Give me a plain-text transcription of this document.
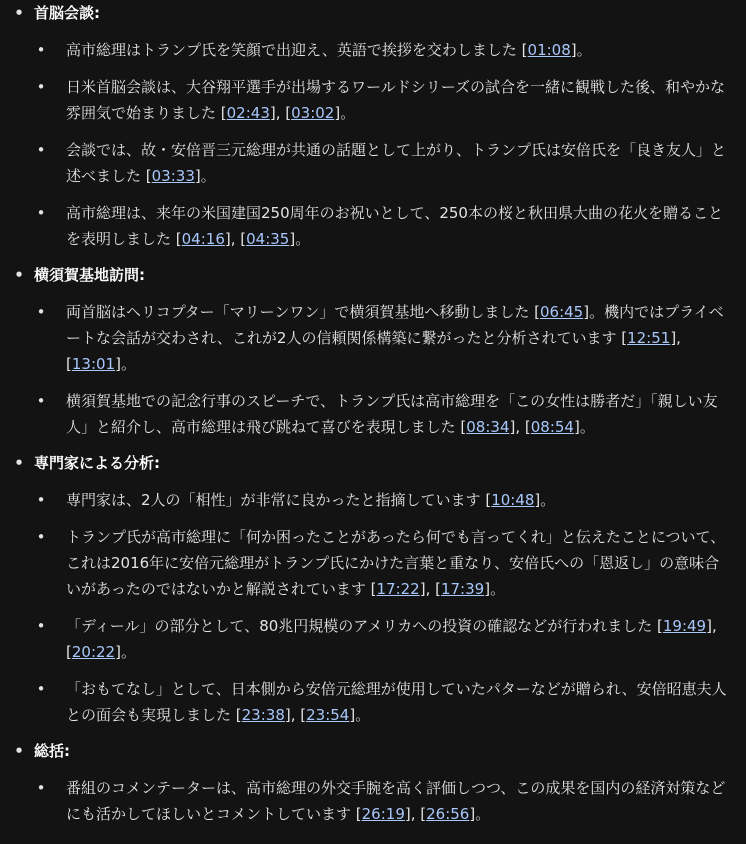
• 首脳会談:
• 高市総理はトランプ氏を笑顔で出迎え、英語で挨拶を交わしました [01:08]。
• 日米首脳会談は、大谷翔平選手が出場するワールドシリーズの試合を一緒に観戦した後、和やかな雰囲気で始まりました [02:43], [03:02]。
• 会談では、故・安倍晋三元総理が共通の話題として上がり、トランプ氏は安倍氏を「良き友人」と述べました [03:33]。
• 高市総理は、来年の米国建国250周年のお祝いとして、250本の桜と秋田県大曲の花火を贈ることを表明しました [04:16], [04:35]。
• 横須賀基地訪問:
• 両首脳はヘリコプター「マリーンワン」で横須賀基地へ移動しました [06:45]。機内ではプライベートな会話が交わされ、これが2人の信頼関係構築に繋がったと分析されています [12:51], [13:01]。
• 横須賀基地での記念行事のスピーチで、トランプ氏は高市総理を「この女性は勝者だ」「親しい友人」と紹介し、高市総理は飛び跳ねて喜びを表現しました [08:34], [08:54]。
• 専門家による分析:
• 専門家は、2人の「相性」が非常に良かったと指摘しています [10:48]。
• トランプ氏が高市総理に「何か困ったことがあったら何でも言ってくれ」と伝えたことについて、これは2016年に安倍元総理がトランプ氏にかけた言葉と重なり、安倍氏への「恩返し」の意味合いがあったのではないかと解説されています [17:22], [17:39]。
• 「ディール」の部分として、80兆円規模のアメリカへの投資の確認などが行われました [19:49], [20:22]。
• 「おもてなし」として、日本側から安倍元総理が使用していたパターなどが贈られ、安倍昭恵夫人との面会も実現しました [23:38], [23:54]。
• 総括:
• 番組のコメンテーターは、高市総理の外交手腕を高く評価しつつ、この成果を国内の経済対策などにも活かしてほしいとコメントしています [26:19], [26:56]。
